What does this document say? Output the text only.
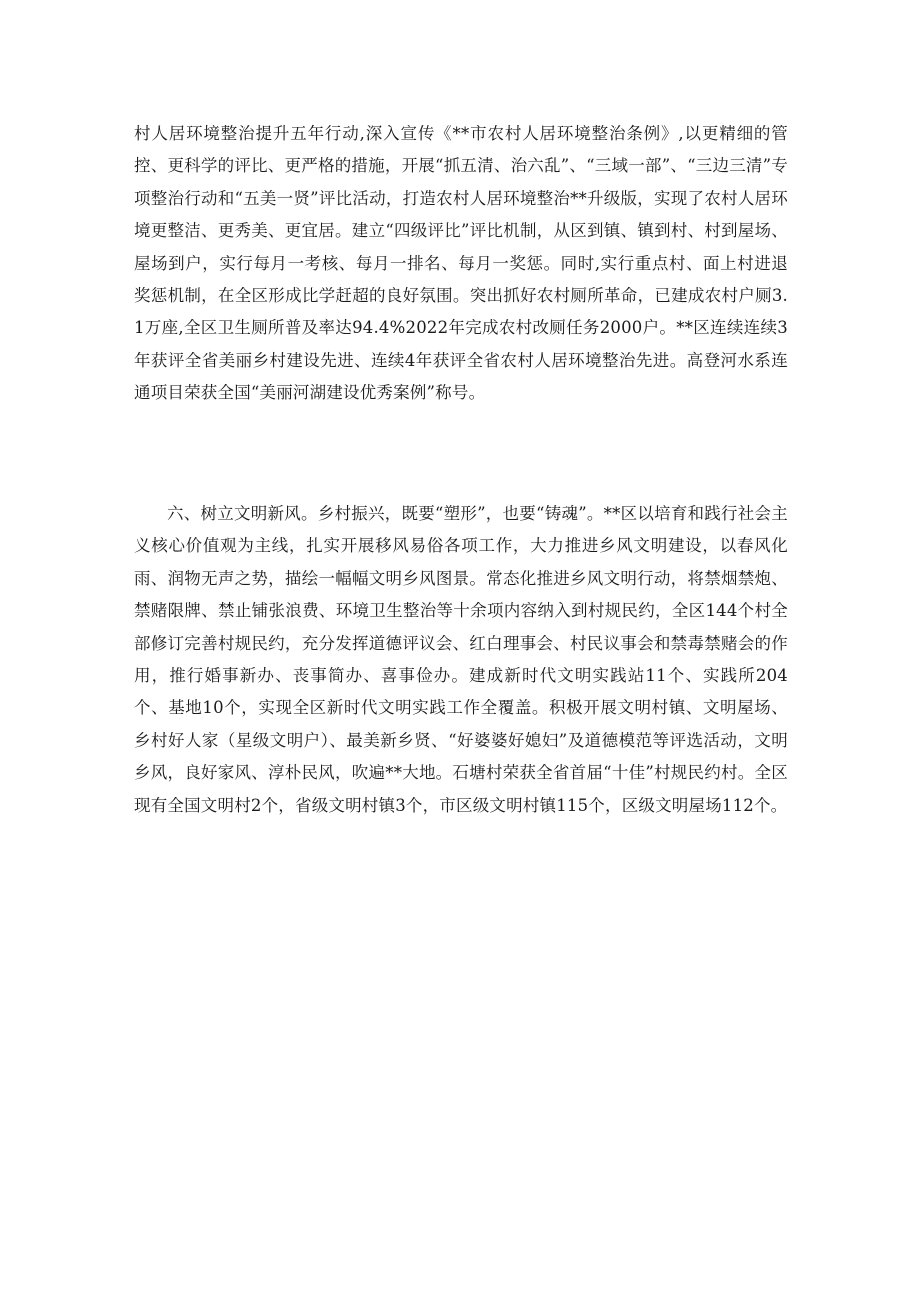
村人居环境整治提升五年行动,深入宣传《**市农村人居环境整治条例》,以更精细的管控、更科学的评比、更严格的措施，开展“抓五清、治六乱”、“三域一部”、“三边三清”专项整治行动和“五美一贤”评比活动，打造农村人居环境整治**升级版，实现了农村人居环境更整洁、更秀美、更宜居。建立“四级评比”评比机制，从区到镇、镇到村、村到屋场、屋场到户，实行每月一考核、每月一排名、每月一奖惩。同时,实行重点村、面上村进退奖惩机制，在全区形成比学赶超的良好氛围。突出抓好农村厕所革命，已建成农村户厕3.1万座,全区卫生厕所普及率达94.4%2022年完成农村改厕任务2000户。**区连续连续3年获评全省美丽乡村建设先进、连续4年获评全省农村人居环境整治先进。高登河水系连通项目荣获全国“美丽河湖建设优秀案例”称号。

六、树立文明新风。乡村振兴，既要“塑形”，也要“铸魂”。**区以培育和践行社会主义核心价值观为主线，扎实开展移风易俗各项工作，大力推进乡风文明建设，以春风化雨、润物无声之势，描绘一幅幅文明乡风图景。常态化推进乡风文明行动，将禁烟禁炮、禁赌限牌、禁止铺张浪费、环境卫生整治等十余项内容纳入到村规民约，全区144个村全部修订完善村规民约，充分发挥道德评议会、红白理事会、村民议事会和禁毒禁赌会的作用，推行婚事新办、丧事简办、喜事俭办。建成新时代文明实践站11个、实践所204个、基地10个，实现全区新时代文明实践工作全覆盖。积极开展文明村镇、文明屋场、乡村好人家（星级文明户）、最美新乡贤、“好婆婆好媳妇”及道德模范等评选活动，文明乡风，良好家风、淳朴民风，吹遍**大地。石塘村荣获全省首届“十佳”村规民约村。全区现有全国文明村2个，省级文明村镇3个，市区级文明村镇115个，区级文明屋场112个。
